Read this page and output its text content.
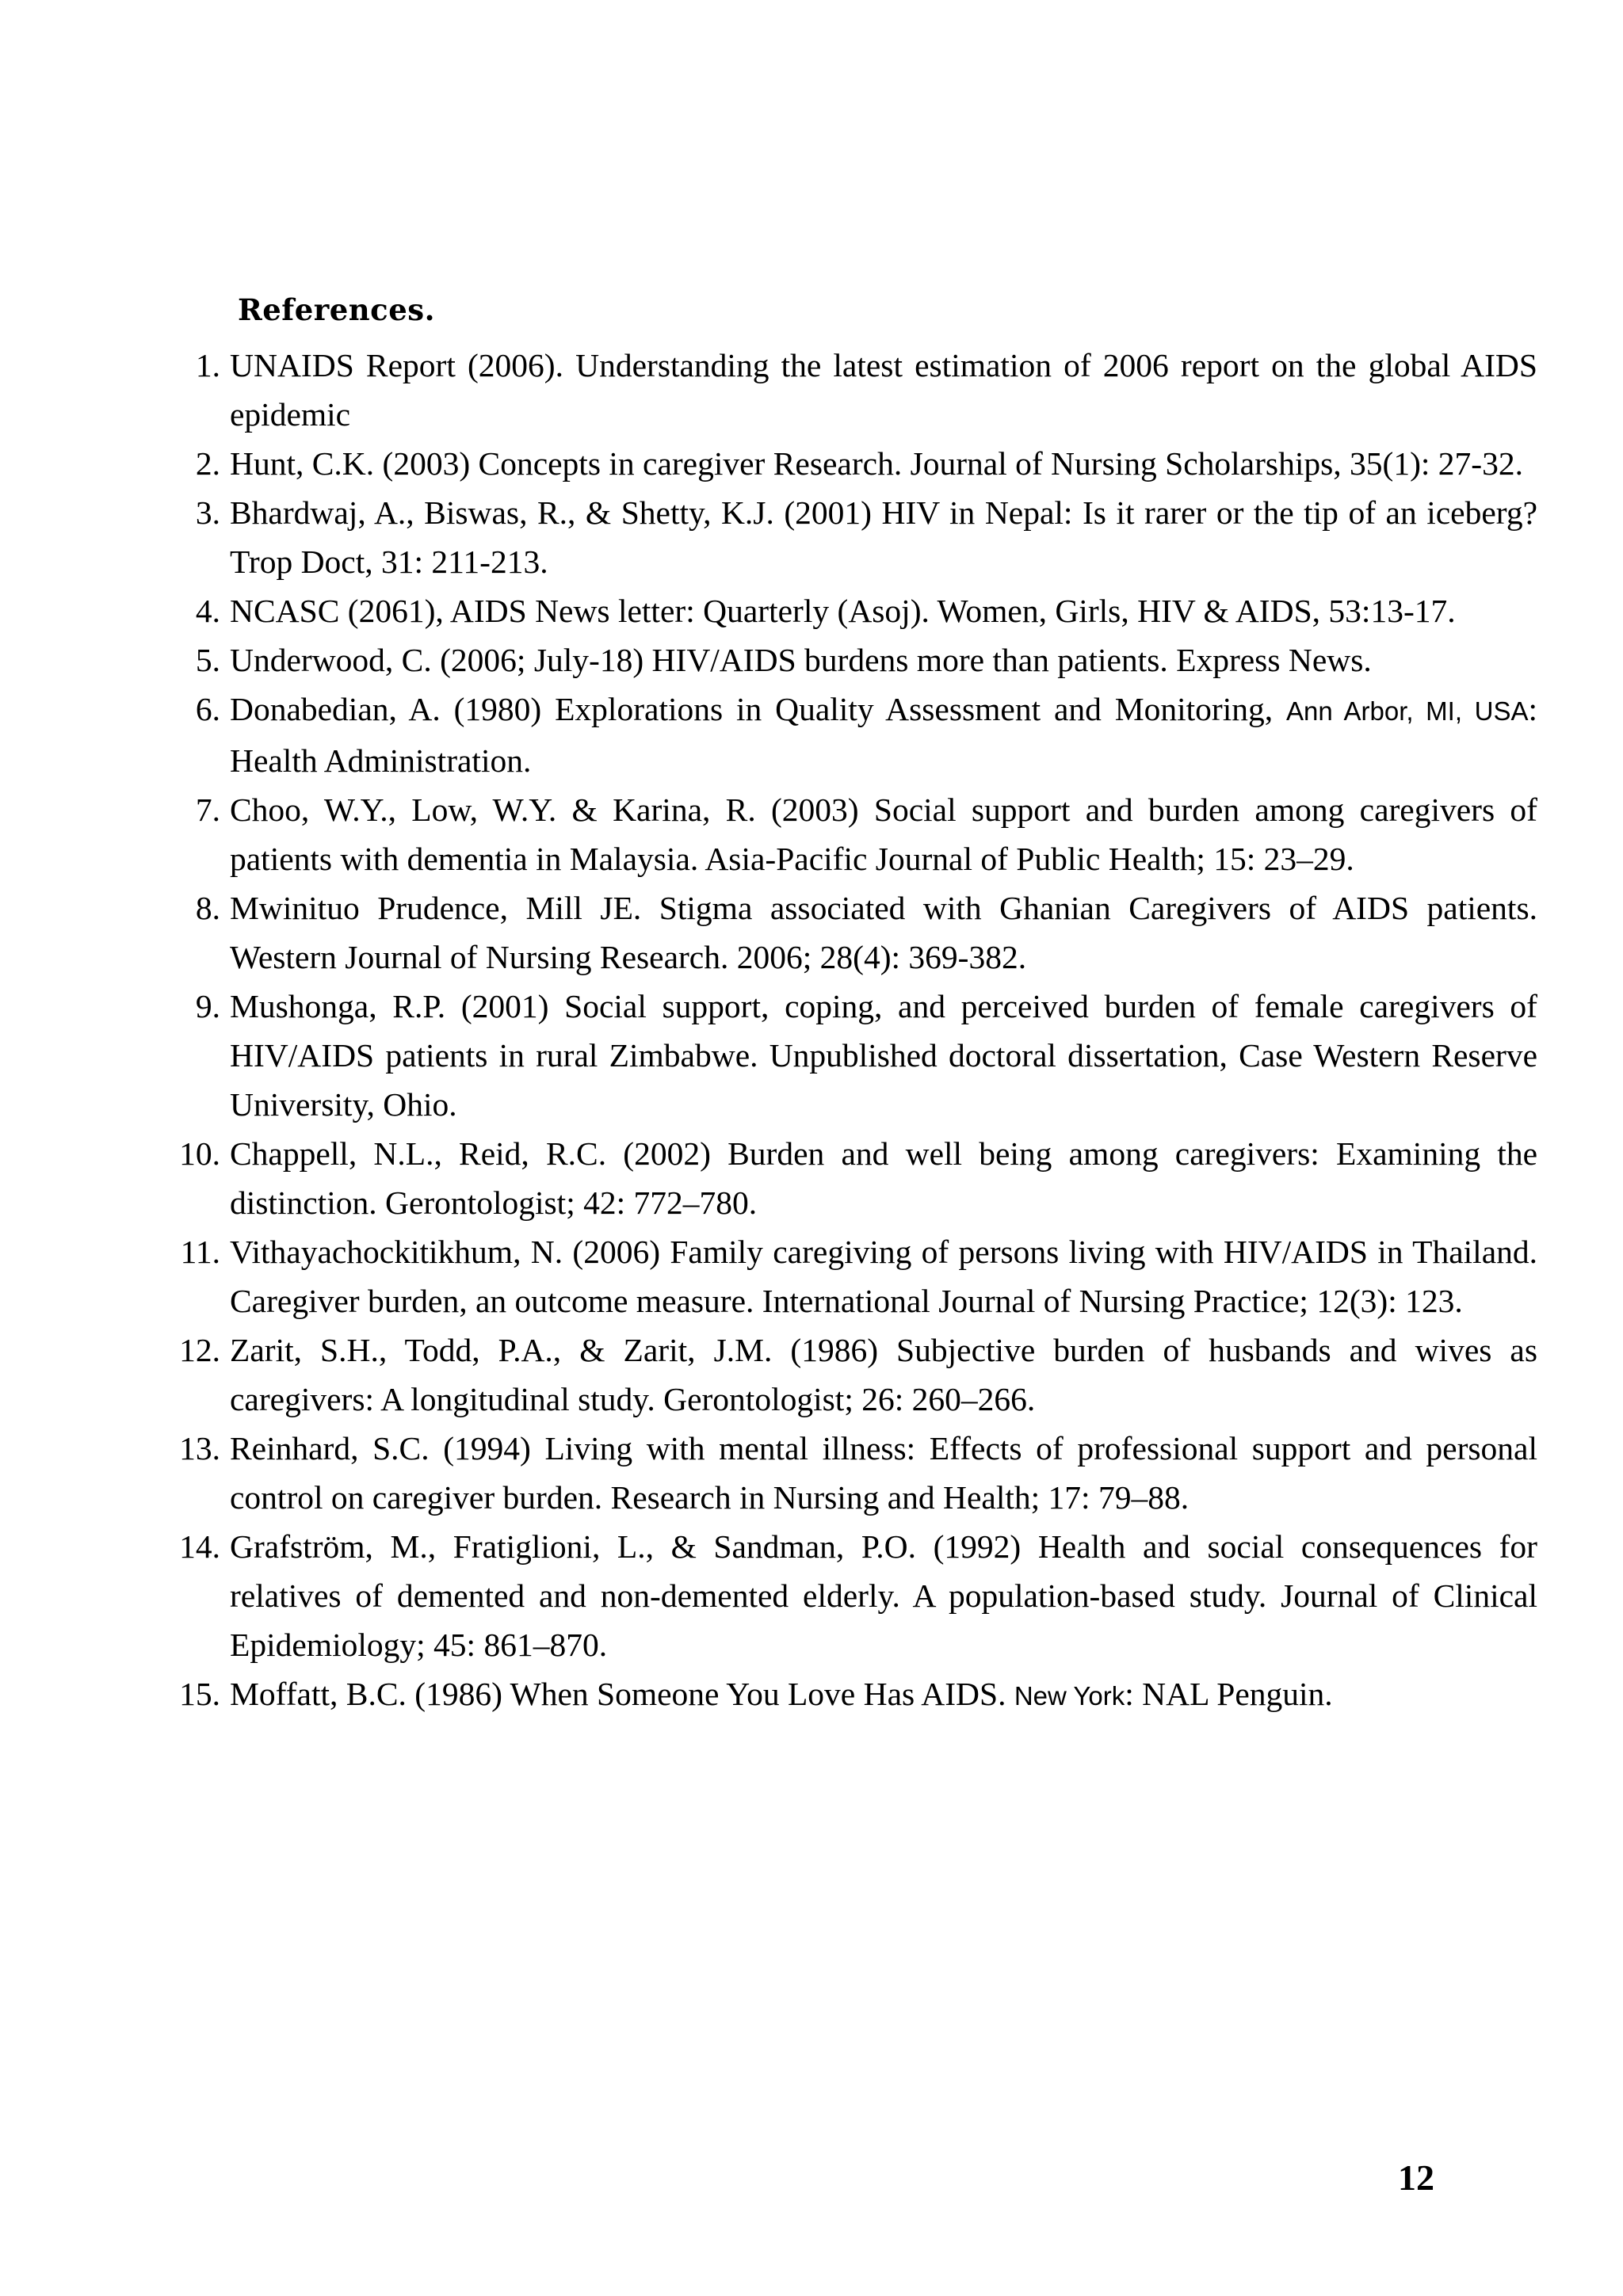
References.
1. UNAIDS Report (2006). Understanding the latest estimation of 2006 report on the global AIDS epidemic
2. Hunt, C.K. (2003) Concepts in caregiver Research. Journal of Nursing Scholarships, 35(1): 27-32.
3. Bhardwaj, A., Biswas, R., & Shetty, K.J. (2001) HIV in Nepal: Is it rarer or the tip of an iceberg? Trop Doct, 31: 211-213.
4. NCASC (2061), AIDS News letter: Quarterly (Asoj). Women, Girls, HIV & AIDS, 53:13-17.
5. Underwood, C. (2006; July-18) HIV/AIDS burdens more than patients. Express News.
6. Donabedian, A. (1980) Explorations in Quality Assessment and Monitoring, Ann Arbor, MI, USA: Health Administration.
7. Choo, W.Y., Low, W.Y. & Karina, R. (2003) Social support and burden among caregivers of patients with dementia in Malaysia. Asia-Pacific Journal of Public Health; 15: 23–29.
8. Mwinituo Prudence, Mill JE. Stigma associated with Ghanian Caregivers of AIDS patients. Western Journal of Nursing Research. 2006; 28(4): 369-382.
9. Mushonga, R.P. (2001) Social support, coping, and perceived burden of female caregivers of HIV/AIDS patients in rural Zimbabwe. Unpublished doctoral dissertation, Case Western Reserve University, Ohio.
10. Chappell, N.L., Reid, R.C. (2002) Burden and well being among caregivers: Examining the distinction. Gerontologist; 42: 772–780.
11. Vithayachockitikhum, N. (2006) Family caregiving of persons living with HIV/AIDS in Thailand. Caregiver burden, an outcome measure. International Journal of Nursing Practice; 12(3): 123.
12. Zarit, S.H., Todd, P.A., & Zarit, J.M. (1986) Subjective burden of husbands and wives as caregivers: A longitudinal study. Gerontologist; 26: 260–266.
13. Reinhard, S.C. (1994) Living with mental illness: Effects of professional support and personal control on caregiver burden. Research in Nursing and Health; 17: 79–88.
14. Grafström, M., Fratiglioni, L., & Sandman, P.O. (1992) Health and social consequences for relatives of demented and non-demented elderly. A population-based study. Journal of Clinical Epidemiology; 45: 861–870.
15. Moffatt, B.C. (1986) When Someone You Love Has AIDS. New York: NAL Penguin.

12
